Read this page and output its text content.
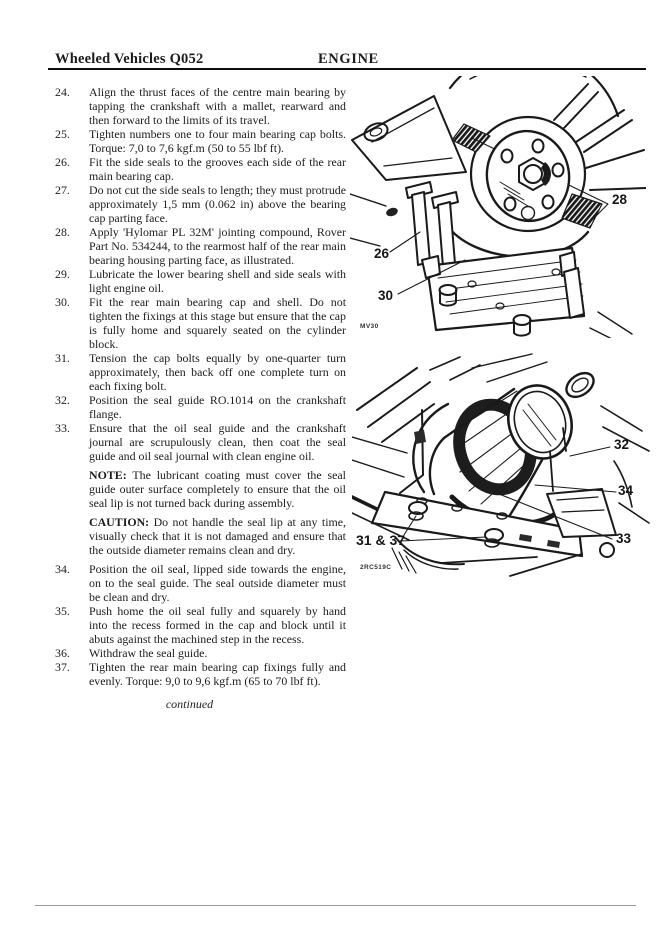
Wheeled Vehicles Q052	ENGINE
24.	Align the thrust faces of the centre main bearing by tapping the crankshaft with a mallet, rearward and then forward to the limits of its travel.

25.	Tighten numbers one to four main bearing cap bolts. Torque: 7,0 to 7,6 kgf.m (50 to 55 lbf ft).

26.	Fit the side seals to the grooves each side of the rear main bearing cap.

27.	Do not cut the side seals to length; they must protrude approximately 1,5 mm (0.062 in) above the bearing cap parting face.

28.	Apply 'Hylomar PL 32M' jointing compound, Rover Part No. 534244, to the rearmost half of the rear main bearing housing parting face, as illustrated.

29.	Lubricate the lower bearing shell and side seals with light engine oil.

30.	Fit the rear main bearing cap and shell. Do not tighten the fixings at this stage but ensure that the cap is fully home and squarely seated on the cylinder block.

31.	Tension the cap bolts equally by one-quarter turn approximately, then back off one complete turn on each fixing bolt.

32.	Position the seal guide RO.1014 on the crankshaft flange.

33.	Ensure that the oil seal guide and the crankshaft journal are scrupulously clean, then coat the seal guide and oil seal journal with clean engine oil.

NOTE: The lubricant coating must cover the seal guide outer surface completely to ensure that the oil seal lip is not turned back during assembly.

CAUTION: Do not handle the seal lip at any time, visually check that it is not damaged and ensure that the outside diameter remains clean and dry.

34.	Position the oil seal, lipped side towards the engine, on to the seal guide. The seal outside diameter must be clean and dry.

35.	Push home the oil seal fully and squarely by hand into the recess formed in the cap and block until it abuts against the machined step in the recess.

36.	Withdraw the seal guide.

37.	Tighten the rear main bearing cap fixings fully and evenly. Torque: 9,0 to 9,6 kgf.m (65 to 70 lbf ft).

continued
28
26
30
MV30
32
34
33
31 & 37
2RC519C
